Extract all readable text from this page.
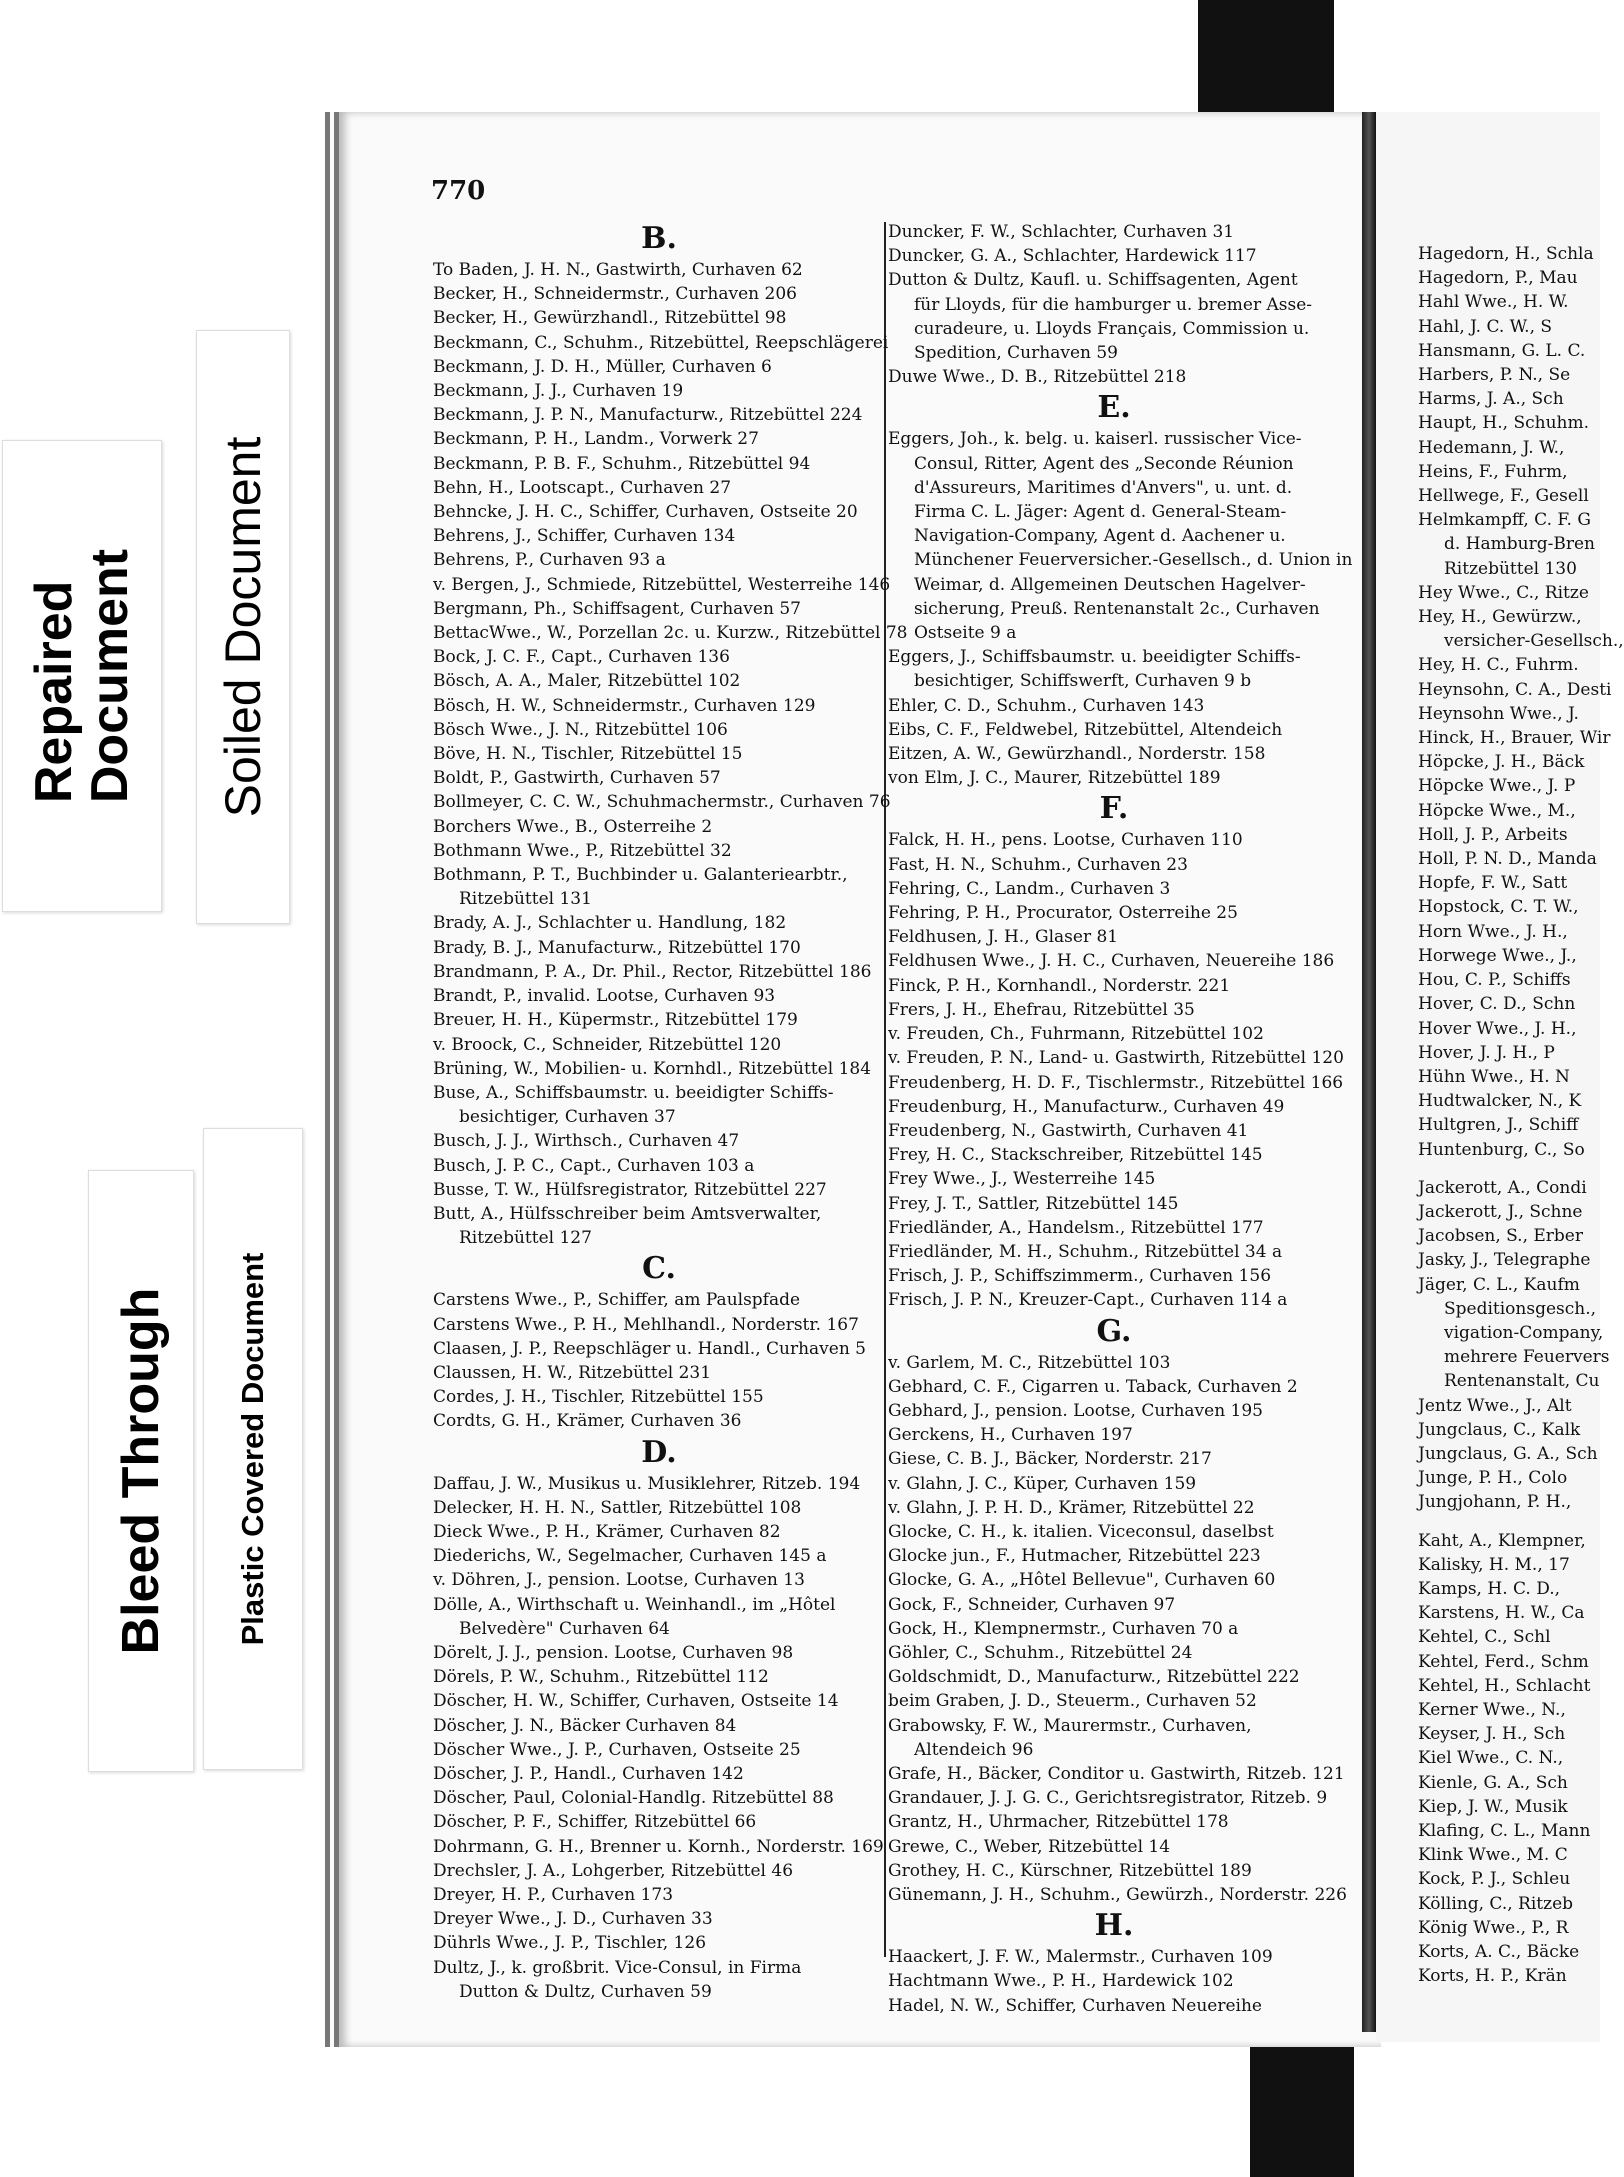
Repaired
Document Soiled Document
Bleed Through Plastic Covered Document
770
B.
To Baden, J. H. N., Gastwirth, Curhaven 62
Becker, H., Schneidermstr., Curhaven 206
Becker, H., Gewürzhandl., Ritzebüttel 98
Beckmann, C., Schuhm., Ritzebüttel, Reepschlägerei
Beckmann, J. D. H., Müller, Curhaven 6
Beckmann, J. J., Curhaven 19
Beckmann, J. P. N., Manufacturw., Ritzebüttel 224
Beckmann, P. H., Landm., Vorwerk 27
Beckmann, P. B. F., Schuhm., Ritzebüttel 94
Behn, H., Lootscapt., Curhaven 27
Behncke, J. H. C., Schiffer, Curhaven, Ostseite 20
Behrens, J., Schiffer, Curhaven 134
Behrens, P., Curhaven 93 a
v. Bergen, J., Schmiede, Ritzebüttel, Westerreihe 146
Bergmann, Ph., Schiffsagent, Curhaven 57
BettacWwe., W., Porzellan 2c. u. Kurzw., Ritzebüttel 78
Bock, J. C. F., Capt., Curhaven 136
Bösch, A. A., Maler, Ritzebüttel 102
Bösch, H. W., Schneidermstr., Curhaven 129
Bösch Wwe., J. N., Ritzebüttel 106
Böve, H. N., Tischler, Ritzebüttel 15
Boldt, P., Gastwirth, Curhaven 57
Bollmeyer, C. C. W., Schuhmachermstr., Curhaven 76
Borchers Wwe., B., Osterreihe 2
Bothmann Wwe., P., Ritzebüttel 32
Bothmann, P. T., Buchbinder u. Galanteriearbtr.,
Ritzebüttel 131
Brady, A. J., Schlachter u. Handlung, 182
Brady, B. J., Manufacturw., Ritzebüttel 170
Brandmann, P. A., Dr. Phil., Rector, Ritzebüttel 186
Brandt, P., invalid. Lootse, Curhaven 93
Breuer, H. H., Küpermstr., Ritzebüttel 179
v. Broock, C., Schneider, Ritzebüttel 120
Brüning, W., Mobilien- u. Kornhdl., Ritzebüttel 184
Buse, A., Schiffsbaumstr. u. beeidigter Schiffs-
besichtiger, Curhaven 37
Busch, J. J., Wirthsch., Curhaven 47
Busch, J. P. C., Capt., Curhaven 103 a
Busse, T. W., Hülfsregistrator, Ritzebüttel 227
Butt, A., Hülfsschreiber beim Amtsverwalter,
Ritzebüttel 127
C.
Carstens Wwe., P., Schiffer, am Paulspfade
Carstens Wwe., P. H., Mehlhandl., Norderstr. 167
Claasen, J. P., Reepschläger u. Handl., Curhaven 5
Claussen, H. W., Ritzebüttel 231
Cordes, J. H., Tischler, Ritzebüttel 155
Cordts, G. H., Krämer, Curhaven 36
D.
Daffau, J. W., Musikus u. Musiklehrer, Ritzeb. 194
Delecker, H. H. N., Sattler, Ritzebüttel 108
Dieck Wwe., P. H., Krämer, Curhaven 82
Diederichs, W., Segelmacher, Curhaven 145 a
v. Döhren, J., pension. Lootse, Curhaven 13
Dölle, A., Wirthschaft u. Weinhandl., im „Hôtel
Belvedère" Curhaven 64
Dörelt, J. J., pension. Lootse, Curhaven 98
Dörels, P. W., Schuhm., Ritzebüttel 112
Döscher, H. W., Schiffer, Curhaven, Ostseite 14
Döscher, J. N., Bäcker Curhaven 84
Döscher Wwe., J. P., Curhaven, Ostseite 25
Döscher, J. P., Handl., Curhaven 142
Döscher, Paul, Colonial-Handlg. Ritzebüttel 88
Döscher, P. F., Schiffer, Ritzebüttel 66
Dohrmann, G. H., Brenner u. Kornh., Norderstr. 169
Drechsler, J. A., Lohgerber, Ritzebüttel 46
Dreyer, H. P., Curhaven 173
Dreyer Wwe., J. D., Curhaven 33
Dührls Wwe., J. P., Tischler, 126
Dultz, J., k. großbrit. Vice-Consul, in Firma
Dutton & Dultz, Curhaven 59
Duncker, F. W., Schlachter, Curhaven 31
Duncker, G. A., Schlachter, Hardewick 117
Dutton & Dultz, Kaufl. u. Schiffsagenten, Agent
für Lloyds, für die hamburger u. bremer Asse-
curadeure, u. Lloyds Français, Commission u.
Spedition, Curhaven 59
Duwe Wwe., D. B., Ritzebüttel 218
E.
Eggers, Joh., k. belg. u. kaiserl. russischer Vice-
Consul, Ritter, Agent des „Seconde Réunion
d'Assureurs, Maritimes d'Anvers", u. unt. d.
Firma C. L. Jäger: Agent d. General-Steam-
Navigation-Company, Agent d. Aachener u.
Münchener Feuerversicher.-Gesellsch., d. Union in
Weimar, d. Allgemeinen Deutschen Hagelver-
sicherung, Preuß. Rentenanstalt 2c., Curhaven
Ostseite 9 a
Eggers, J., Schiffsbaumstr. u. beeidigter Schiffs-
besichtiger, Schiffswerft, Curhaven 9 b
Ehler, C. D., Schuhm., Curhaven 143
Eibs, C. F., Feldwebel, Ritzebüttel, Altendeich
Eitzen, A. W., Gewürzhandl., Norderstr. 158
von Elm, J. C., Maurer, Ritzebüttel 189
F.
Falck, H. H., pens. Lootse, Curhaven 110
Fast, H. N., Schuhm., Curhaven 23
Fehring, C., Landm., Curhaven 3
Fehring, P. H., Procurator, Osterreihe 25
Feldhusen, J. H., Glaser 81
Feldhusen Wwe., J. H. C., Curhaven, Neuereihe 186
Finck, P. H., Kornhandl., Norderstr. 221
Frers, J. H., Ehefrau, Ritzebüttel 35
v. Freuden, Ch., Fuhrmann, Ritzebüttel 102
v. Freuden, P. N., Land- u. Gastwirth, Ritzebüttel 120
Freudenberg, H. D. F., Tischlermstr., Ritzebüttel 166
Freudenburg, H., Manufacturw., Curhaven 49
Freudenberg, N., Gastwirth, Curhaven 41
Frey, H. C., Stackschreiber, Ritzebüttel 145
Frey Wwe., J., Westerreihe 145
Frey, J. T., Sattler, Ritzebüttel 145
Friedländer, A., Handelsm., Ritzebüttel 177
Friedländer, M. H., Schuhm., Ritzebüttel 34 a
Frisch, J. P., Schiffszimmerm., Curhaven 156
Frisch, J. P. N., Kreuzer-Capt., Curhaven 114 a
G.
v. Garlem, M. C., Ritzebüttel 103
Gebhard, C. F., Cigarren u. Taback, Curhaven 2
Gebhard, J., pension. Lootse, Curhaven 195
Gerckens, H., Curhaven 197
Giese, C. B. J., Bäcker, Norderstr. 217
v. Glahn, J. C., Küper, Curhaven 159
v. Glahn, J. P. H. D., Krämer, Ritzebüttel 22
Glocke, C. H., k. italien. Viceconsul, daselbst
Glocke jun., F., Hutmacher, Ritzebüttel 223
Glocke, G. A., „Hôtel Bellevue", Curhaven 60
Gock, F., Schneider, Curhaven 97
Gock, H., Klempnermstr., Curhaven 70 a
Göhler, C., Schuhm., Ritzebüttel 24
Goldschmidt, D., Manufacturw., Ritzebüttel 222
beim Graben, J. D., Steuerm., Curhaven 52
Grabowsky, F. W., Maurermstr., Curhaven,
Altendeich 96
Grafe, H., Bäcker, Conditor u. Gastwirth, Ritzeb. 121
Grandauer, J. J. G. C., Gerichtsregistrator, Ritzeb. 9
Grantz, H., Uhrmacher, Ritzebüttel 178
Grewe, C., Weber, Ritzebüttel 14
Grothey, H. C., Kürschner, Ritzebüttel 189
Günemann, J. H., Schuhm., Gewürzh., Norderstr. 226
H.
Haackert, J. F. W., Malermstr., Curhaven 109
Hachtmann Wwe., P. H., Hardewick 102
Hadel, N. W., Schiffer, Curhaven Neuereihe
Hagedorn, H., Schla
Hagedorn, P., Mau
Hahl Wwe., H. W.
Hahl, J. C. W., S
Hansmann, G. L. C.
Harbers, P. N., Se
Harms, J. A., Sch
Haupt, H., Schuhm.
Hedemann, J. W.,
Heins, F., Fuhrm,
Hellwege, F., Gesell
Helmkampff, C. F. G
d. Hamburg-Bren
Ritzebüttel 130
Hey Wwe., C., Ritze
Hey, H., Gewürzw.,
versicher-Gesellsch.,
Hey, H. C., Fuhrm.
Heynsohn, C. A., Desti
Heynsohn Wwe., J.
Hinck, H., Brauer, Wir
Höpcke, J. H., Bäck
Höpcke Wwe., J. P
Höpcke Wwe., M.,
Holl, J. P., Arbeits
Holl, P. N. D., Manda
Hopfe, F. W., Satt
Hopstock, C. T. W.,
Horn Wwe., J. H.,
Horwege Wwe., J.,
Hou, C. P., Schiffs
Hover, C. D., Schn
Hover Wwe., J. H.,
Hover, J. J. H., P
Hühn Wwe., H. N
Hudtwalcker, N., K
Hultgren, J., Schiff
Huntenburg, C., So
Jackerott, A., Condi
Jackerott, J., Schne
Jacobsen, S., Erber
Jasky, J., Telegraphe
Jäger, C. L., Kaufm
Speditionsgesch.,
vigation-Company,
mehrere Feuervers
Rentenanstalt, Cu
Jentz Wwe., J., Alt
Jungclaus, C., Kalk
Jungclaus, G. A., Sch
Junge, P. H., Colo
Jungjohann, P. H.,
Kaht, A., Klempner,
Kalisky, H. M., 17
Kamps, H. C. D.,
Karstens, H. W., Ca
Kehtel, C., Schl
Kehtel, Ferd., Schm
Kehtel, H., Schlacht
Kerner Wwe., N.,
Keyser, J. H., Sch
Kiel Wwe., C. N.,
Kienle, G. A., Sch
Kiep, J. W., Musik
Klafing, C. L., Mann
Klink Wwe., M. C
Kock, P. J., Schleu
Kölling, C., Ritzeb
König Wwe., P., R
Korts, A. C., Bäcke
Korts, H. P., Krän
